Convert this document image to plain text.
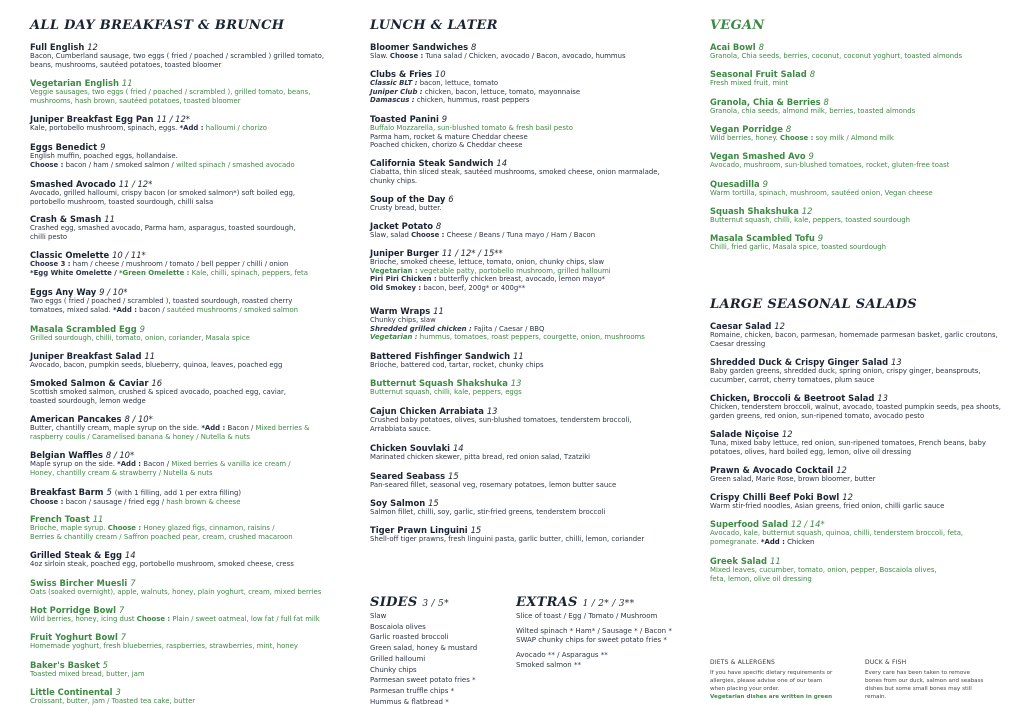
ALL DAY BREAKFAST & BRUNCH
Full English 12
Bacon, Cumberland sausage, two eggs ( fried / poached / scrambled ) grilled tomato,
beans, mushrooms, sautéed potatoes, toasted bloomer
Vegetarian English 11
Veggie sausages, two eggs ( fried / poached / scrambled ), grilled tomato, beans,
mushrooms, hash brown, sautéed potatoes, toasted bloomer
Juniper Breakfast Egg Pan 11 / 12*
Kale, portobello mushroom, spinach, eggs. *Add : halloumi / chorizo
Eggs Benedict 9
English muffin, poached eggs, hollandaise.
Choose : bacon / ham / smoked salmon / wilted spinach / smashed avocado
Smashed Avocado 11 / 12*
Avocado, grilled halloumi, crispy bacon (or smoked salmon*) soft boiled egg,
portobello mushroom, toasted sourdough, chilli salsa
Crash & Smash 11
Crashed egg, smashed avocado, Parma ham, asparagus, toasted sourdough,
chilli pesto
Classic Omelette 10 / 11*
Choose 3 : ham / cheese / mushroom / tomato / bell pepper / chilli / onion
*Egg White Omelette / *Green Omelette : Kale, chilli, spinach, peppers, feta
Eggs Any Way 9 / 10*
Two eggs ( fried / poached / scrambled ), toasted sourdough, roasted cherry
tomatoes, mixed salad. *Add : bacon / sautéed mushrooms / smoked salmon
Masala Scrambled Egg 9
Grilled sourdough, chilli, tomato, onion, coriander, Masala spice
Juniper Breakfast Salad 11
Avocado, bacon, pumpkin seeds, blueberry, quinoa, leaves, poached egg
Smoked Salmon & Caviar 16
Scottish smoked salmon, crushed & spiced avocado, poached egg, caviar,
toasted sourdough, lemon wedge
American Pancakes 8 / 10*
Butter, chantilly cream, maple syrup on the side. *Add : Bacon / Mixed berries &
raspberry coulis / Caramelised banana & honey / Nutella & nuts
Belgian Waffles 8 / 10*
Maple syrup on the side. *Add : Bacon / Mixed berries & vanilla ice cream /
Honey, chantilly cream & strawberry / Nutella & nuts
Breakfast Barm 5 (with 1 filling, add 1 per extra filling)
Choose : bacon / sausage / fried egg / hash brown & cheese
French Toast 11
Brioche, maple syrup. Choose : Honey glazed figs, cinnamon, raisins /
Berries & chantilly cream / Saffron poached pear, cream, crushed macaroon
Grilled Steak & Egg 14
4oz sirloin steak, poached egg, portobello mushroom, smoked cheese, cress
Swiss Bircher Muesli 7
Oats (soaked overnight), apple, walnuts, honey, plain yoghurt, cream, mixed berries
Hot Porridge Bowl 7
Wild berries, honey, icing dust Choose : Plain / sweet oatmeal, low fat / full fat milk
Fruit Yoghurt Bowl 7
Homemade yoghurt, fresh blueberries, raspberries, strawberries, mint, honey
Baker's Basket 5
Toasted mixed bread, butter, jam
Little Continental 3
Croissant, butter, jam / Toasted tea cake, butter
LUNCH & LATER
Bloomer Sandwiches 8
Slaw. Choose : Tuna salad / Chicken, avocado / Bacon, avocado, hummus
Clubs & Fries 10
Classic BLT : bacon, lettuce, tomato
Juniper Club : chicken, bacon, lettuce, tomato, mayonnaise
Damascus : chicken, hummus, roast peppers
Toasted Panini 9
Buffalo Mozzarella, sun-blushed tomato & fresh basil pesto
Parma ham, rocket & mature Cheddar cheese
Poached chicken, chorizo & Cheddar cheese
California Steak Sandwich 14
Ciabatta, thin sliced steak, sautéed mushrooms, smoked cheese, onion marmalade,
chunky chips.
Soup of the Day 6
Crusty bread, butter.
Jacket Potato 8
Slaw, salad Choose : Cheese / Beans / Tuna mayo / Ham / Bacon
Juniper Burger 11 / 12* / 15**
Brioche, smoked cheese, lettuce, tomato, onion, chunky chips, slaw
Vegetarian : vegetable patty, portobello mushroom, grilled halloumi
Piri Piri Chicken : butterfly chicken breast, avocado, lemon mayo*
Old Smokey : bacon, beef, 200g* or 400g**
Warm Wraps 11
Chunky chips, slaw
Shredded grilled chicken : Fajita / Caesar / BBQ
Vegetarian : hummus, tomatoes, roast peppers, courgette, onion, mushrooms
Battered Fishfinger Sandwich 11
Brioche, battered cod, tartar, rocket, chunky chips
Butternut Squash Shakshuka 13
Butternut squash, chilli, kale, peppers, eggs
Cajun Chicken Arrabiata 13
Crushed baby potatoes, olives, sun-blushed tomatoes, tenderstem broccoli,
Arrabbiata sauce.
Chicken Souvlaki 14
Marinated chicken skewer, pitta bread, red onion salad, Tzatziki
Seared Seabass 15
Pan-seared fillet, seasonal veg, rosemary potatoes, lemon butter sauce
Soy Salmon 15
Salmon fillet, chilli, soy, garlic, stir-fried greens, tenderstem broccoli
Tiger Prawn Linguini 15
Shell-off tiger prawns, fresh linguini pasta, garlic butter, chilli, lemon, coriander
SIDES 3 / 5*
Slaw
Boscaiola olives
Garlic roasted broccoli
Green salad, honey & mustard
Grilled halloumi
Chunky chips
Parmesan sweet potato fries *
Parmesan truffle chips *
Hummus & flatbread *
EXTRAS 1 / 2* / 3**
Slice of toast / Egg / Tomato / Mushroom
Wilted spinach * Ham* / Sausage * / Bacon *
SWAP chunky chips for sweet potato fries *
Avocado ** / Asparagus **
Smoked salmon **
VEGAN
Acai Bowl 8
Granola, Chia seeds, berries, coconut, coconut yoghurt, toasted almonds
Seasonal Fruit Salad 8
Fresh mixed fruit, mint
Granola, Chia & Berries 8
Granola, chia seeds, almond milk, berries, toasted almonds
Vegan Porridge 8
Wild berries, honey. Choose : soy milk / Almond milk
Vegan Smashed Avo 9
Avocado, mushroom, sun-blushed tomatoes, rocket, gluten-free toast
Quesadilla 9
Warm tortilla, spinach, mushroom, sautéed onion, Vegan cheese
Squash Shakshuka 12
Butternut squash, chilli, kale, peppers, toasted sourdough
Masala Scambled Tofu 9
Chilli, fried garlic, Masala spice, toasted sourdough
LARGE SEASONAL SALADS
Caesar Salad 12
Romaine, chicken, bacon, parmesan, homemade parmesan basket, garlic croutons,
Caesar dressing
Shredded Duck & Crispy Ginger Salad 13
Baby garden greens, shredded duck, spring onion, crispy ginger, beansprouts,
cucumber, carrot, cherry tomatoes, plum sauce
Chicken, Broccoli & Beetroot Salad 13
Chicken, tenderstem broccoli, walnut, avocado, toasted pumpkin seeds, pea shoots,
garden greens, red onion, sun-ripened tomato, avocado pesto
Salade Niçoise 12
Tuna, mixed baby lettuce, red onion, sun-ripened tomatoes, French beans, baby
potatoes, olives, hard boiled egg, lemon, olive oil dressing
Prawn & Avocado Cocktail 12
Green salad, Marie Rose, brown bloomer, butter
Crispy Chilli Beef Poki Bowl 12
Warm stir-fried noodles, Asian greens, fried onion, chilli garlic sauce
Superfood Salad 12 / 14*
Avocado, kale, butternut squash, quinoa, chilli, tenderstem broccoli, feta,
pomegranate. *Add : Chicken
Greek Salad 11
Mixed leaves, cucumber, tomato, onion, pepper, Boscaiola olives,
feta, lemon, olive oil dressing
DIETS & ALLERGENS
If you have specific dietary requirements or
allergies, please advise one of our team
when placing your order.
Vegetarian dishes are written in green
DUCK & FISH
Every care has been taken to remove
bones from our duck, salmon and seabass
dishes but some small bones may still
remain.
